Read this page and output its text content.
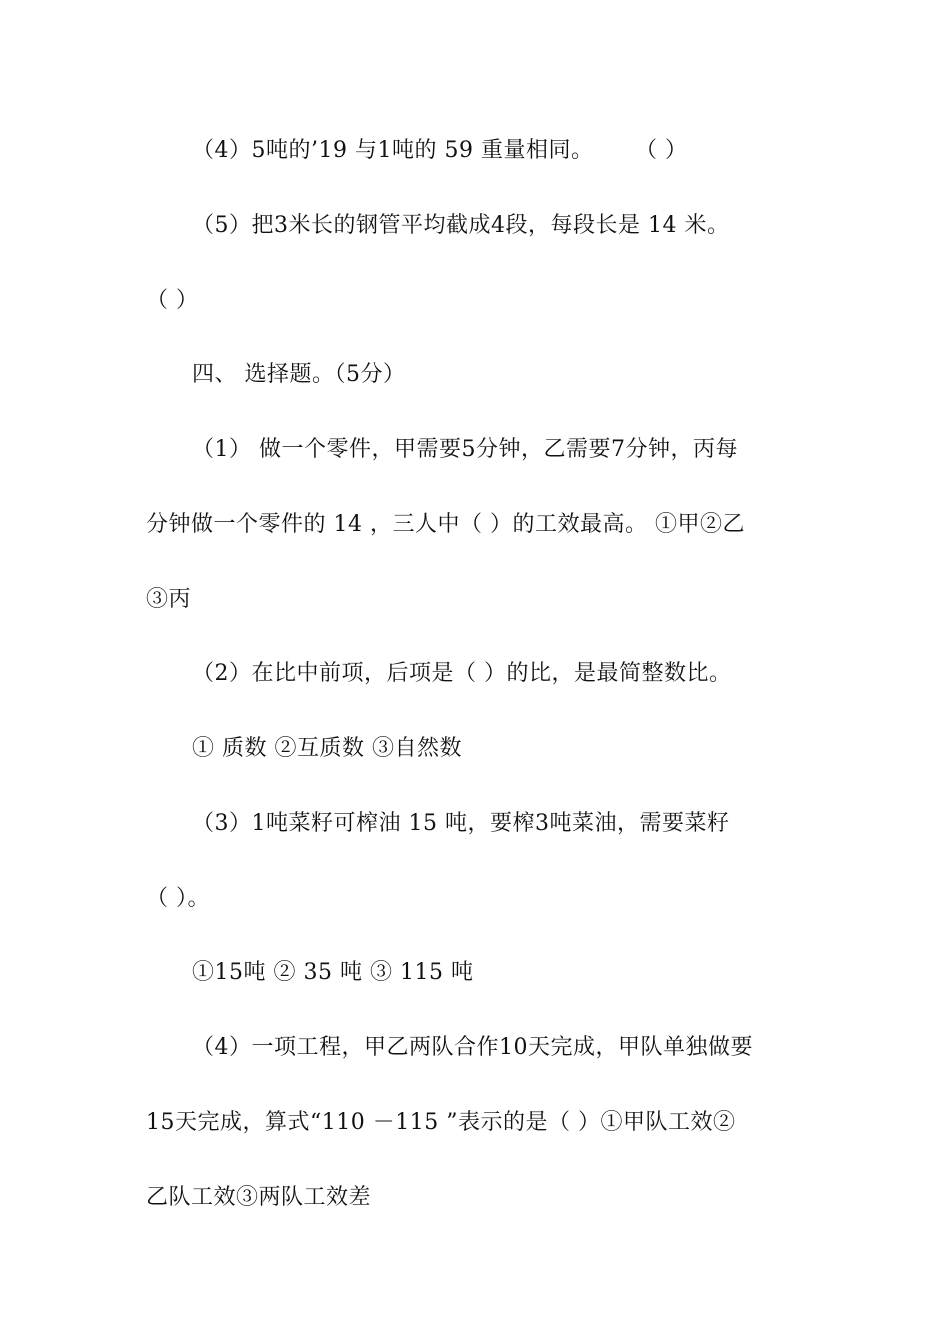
（4）5吨的’19 与1吨的 59 重量相同。　　 （ ）
（5）把3米长的钢管平均截成4段，每段长是 14 米。
（ ）
四、 选择题。（5分）
（1） 做一个零件，甲需要5分钟，乙需要7分钟，丙每
分钟做一个零件的 14 ，三人中（ ）的工效最高。 ①甲②乙
③丙
（2）在比中前项，后项是（ ）的比，是最简整数比。
① 质数 ②互质数 ③自然数
（3）1吨菜籽可榨油 15 吨，要榨3吨菜油，需要菜籽
（ ）。
①15吨 ② 35 吨 ③ 115 吨
（4）一项工程，甲乙两队合作10天完成，甲队单独做要
15天完成，算式“110 －115 ”表示的是（ ）①甲队工效②
乙队工效③两队工效差
